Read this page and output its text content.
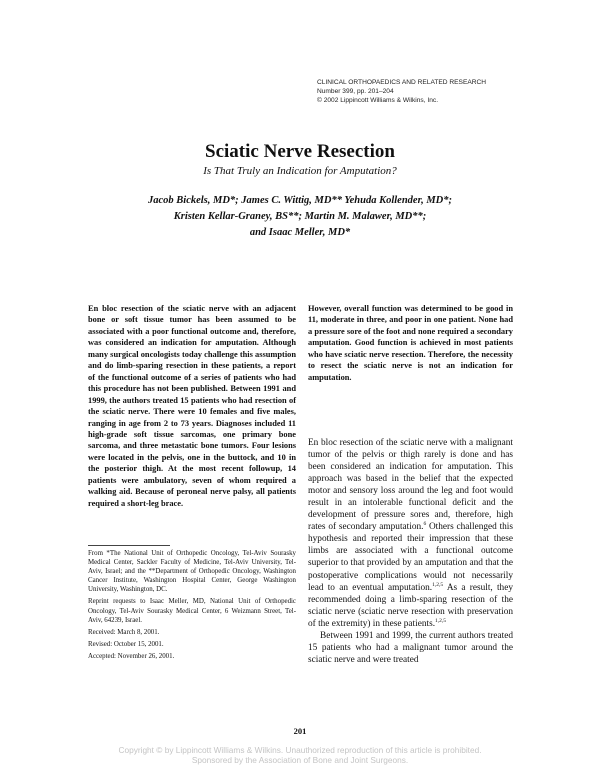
CLINICAL ORTHOPAEDICS AND RELATED RESEARCH
Number 399, pp. 201–204
© 2002 Lippincott Williams & Wilkins, Inc.
Sciatic Nerve Resection
Is That Truly an Indication for Amputation?
Jacob Bickels, MD*; James C. Wittig, MD** Yehuda Kollender, MD*;
Kristen Kellar-Graney, BS**; Martin M. Malawer, MD**;
and Isaac Meller, MD*
En bloc resection of the sciatic nerve with an adjacent bone or soft tissue tumor has been assumed to be associated with a poor functional outcome and, therefore, was considered an indication for amputation. Although many surgical oncologists today challenge this assumption and do limb-sparing resection in these patients, a report of the functional outcome of a series of patients who had this procedure has not been published. Between 1991 and 1999, the authors treated 15 patients who had resection of the sciatic nerve. There were 10 females and five males, ranging in age from 2 to 73 years. Diagnoses included 11 high-grade soft tissue sarcomas, one primary bone sarcoma, and three metastatic bone tumors. Four lesions were located in the pelvis, one in the buttock, and 10 in the posterior thigh. At the most recent followup, 14 patients were ambulatory, seven of whom required a walking aid. Because of peroneal nerve palsy, all patients required a short-leg brace.
However, overall function was determined to be good in 11, moderate in three, and poor in one patient. None had a pressure sore of the foot and none required a secondary amputation. Good function is achieved in most patients who have sciatic nerve resection. Therefore, the necessity to resect the sciatic nerve is not an indication for amputation.

En bloc resection of the sciatic nerve with a malignant tumor of the pelvis or thigh rarely is done and has been considered an indication for amputation. This approach was based in the belief that the expected motor and sensory loss around the leg and foot would result in an intolerable functional deficit and the development of pressure sores and, therefore, high rates of secondary amputation.$^6$ Others challenged this hypothesis and reported their impression that these limbs are associated with a functional outcome superior to that provided by an amputation and that the postoperative complications would not necessarily lead to an eventual amputation.$^{1,2,5}$ As a result, they recommended doing a limb-sparing resection of the sciatic nerve (sciatic nerve resection with preservation of the extremity) in these patients.$^{1,2,5}$

Between 1991 and 1999, the current authors treated 15 patients who had a malignant tumor around the sciatic nerve and were treated

From *The National Unit of Orthopedic Oncology, Tel-Aviv Sourasky Medical Center, Sackler Faculty of Medicine, Tel-Aviv University, Tel-Aviv, Israel; and the **Department of Orthopedic Oncology, Washington Cancer Institute, Washington Hospital Center, George Washington University, Washington, DC.

Reprint requests to Isaac Meller, MD, National Unit of Orthopedic Oncology, Tel-Aviv Sourasky Medical Center, 6 Weizmann Street, Tel-Aviv, 64239, Israel.

Received: March 8, 2001.

Revised: October 15, 2001.

Accepted: November 26, 2001.

201
Copyright © by Lippincott Williams & Wilkins. Unauthorized reproduction of this article is prohibited.
Sponsored by the Association of Bone and Joint Surgeons.
